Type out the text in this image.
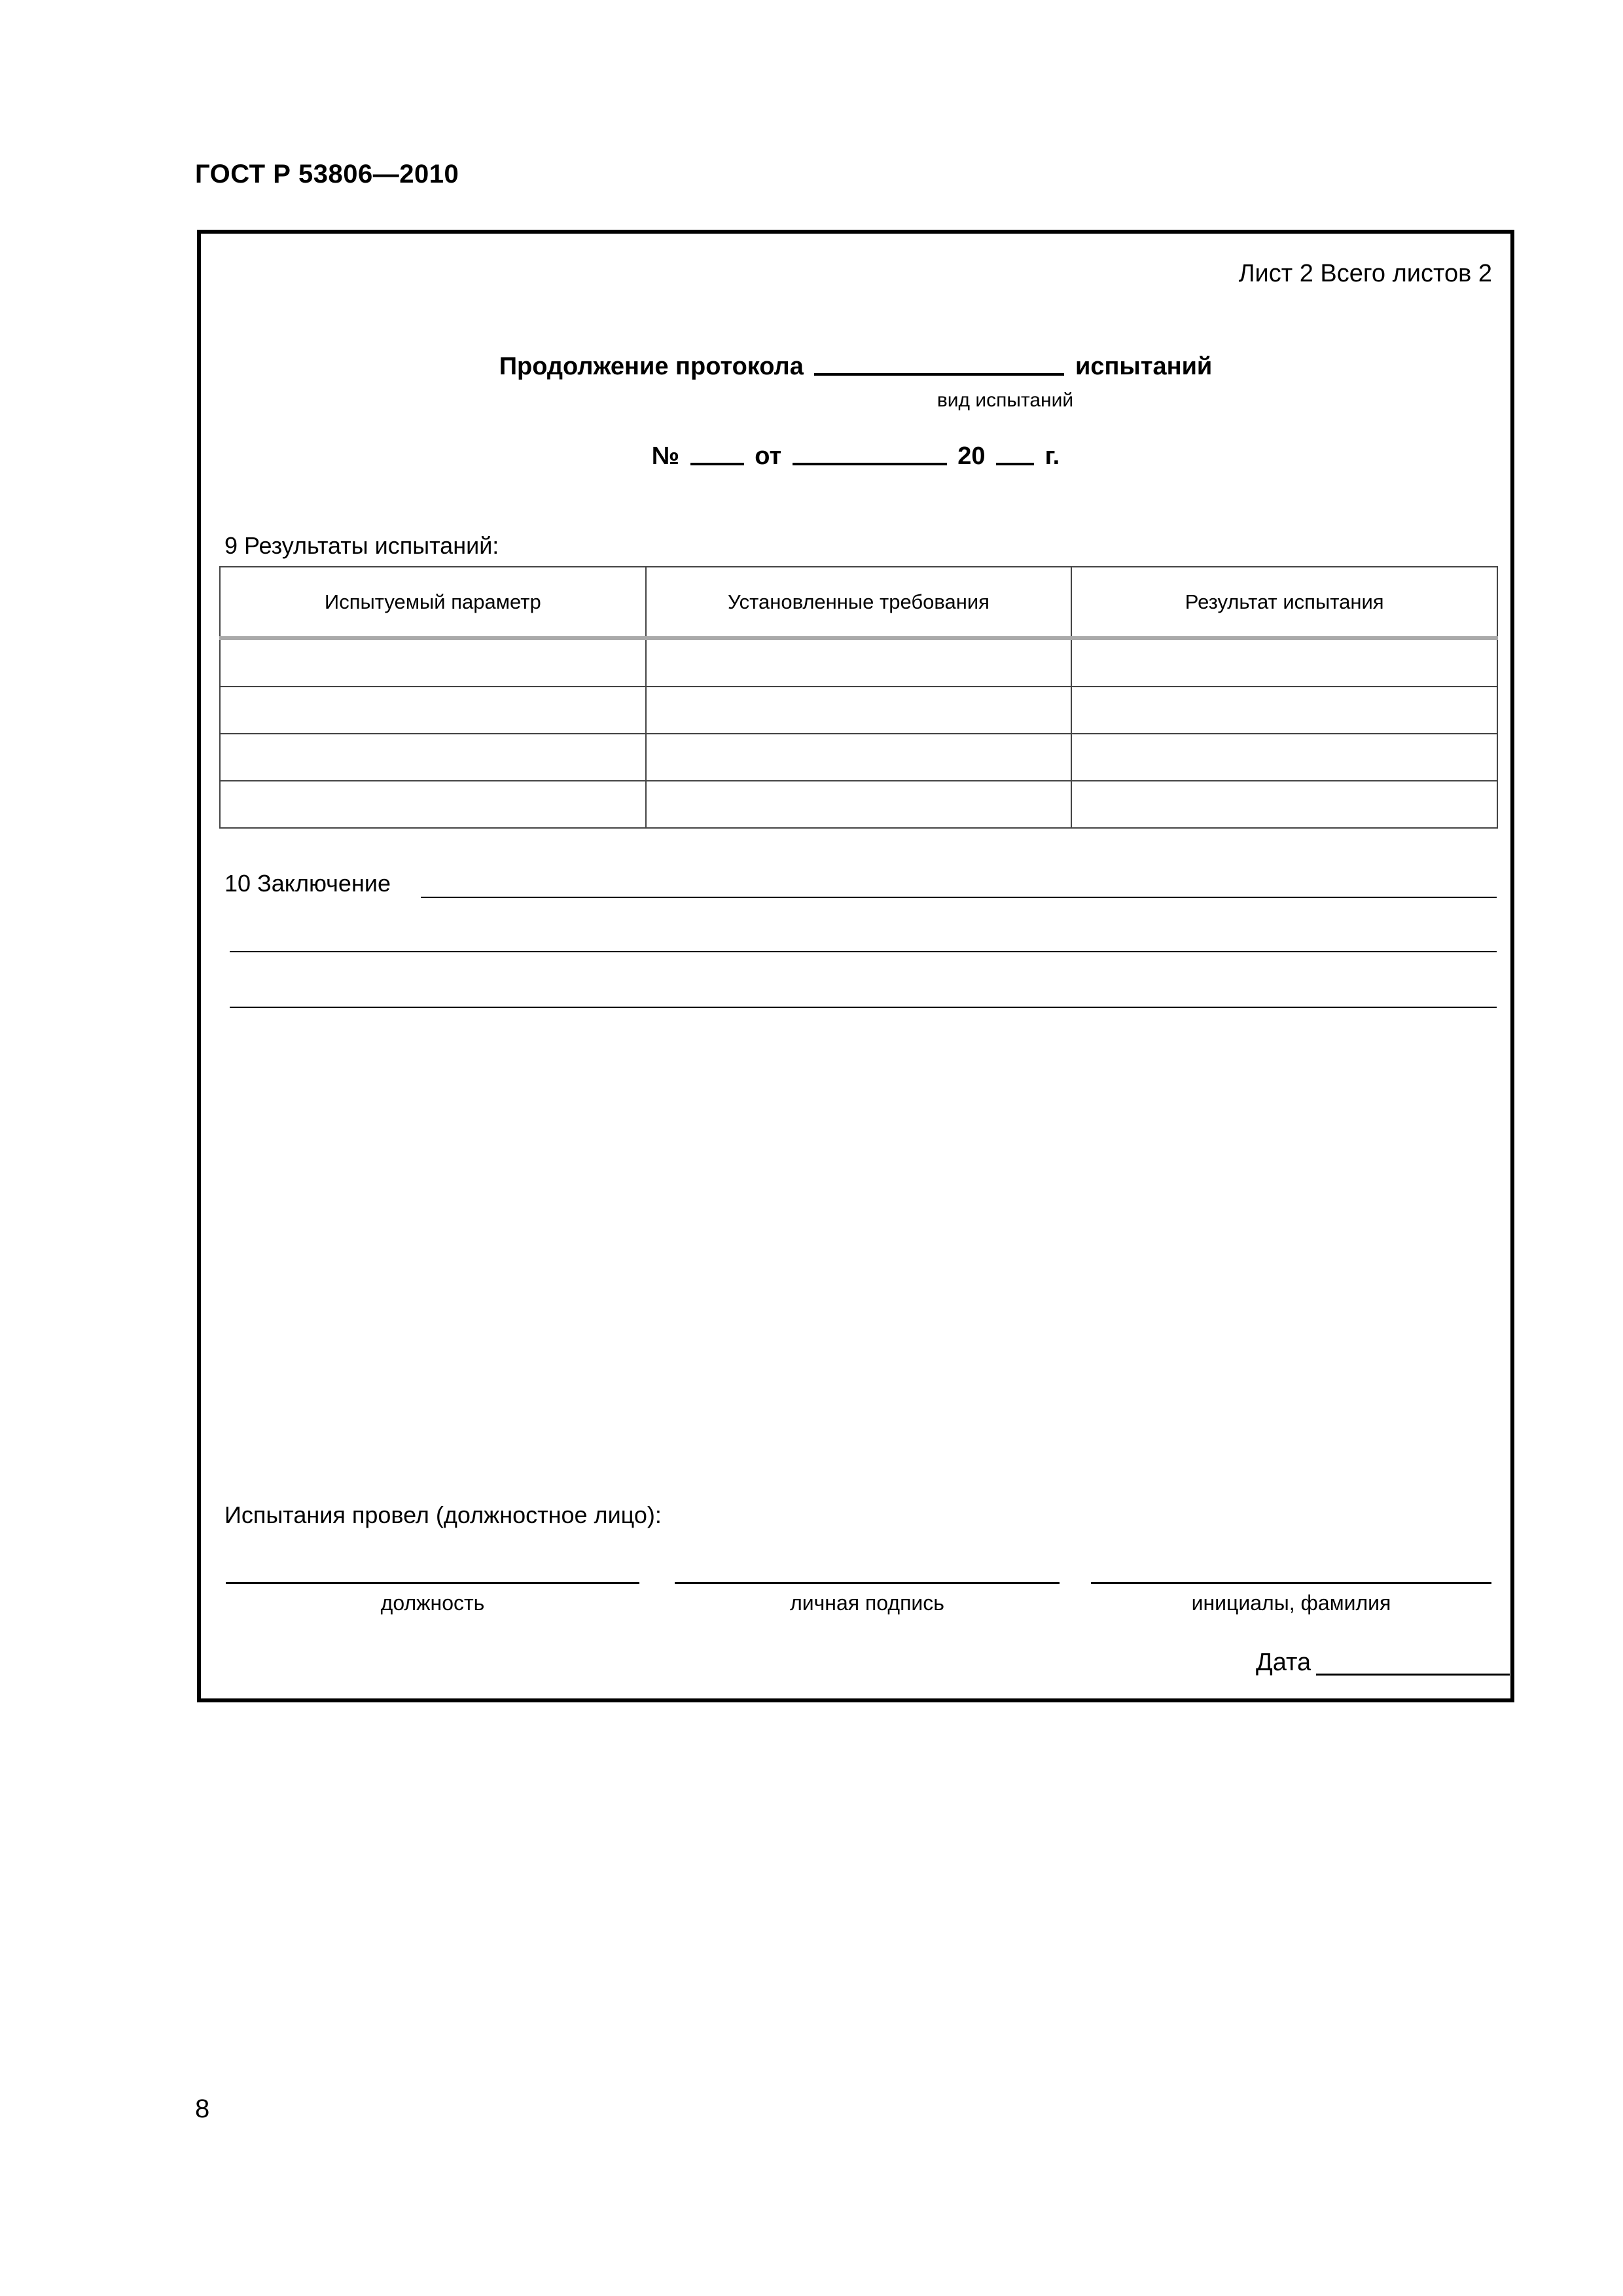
ГОСТ Р 53806—2010
Лист 2 Всего листов 2
Продолжение протокола	испытаний
вид испытаний
№	от	20 г.
9 Результаты испытаний:
Испытуемый параметр	Установленные требования	Результат испытания

10 Заключение
Испытания провел (должностное лицо):
должность	личная подпись	инициалы, фамилия
Дата
8
